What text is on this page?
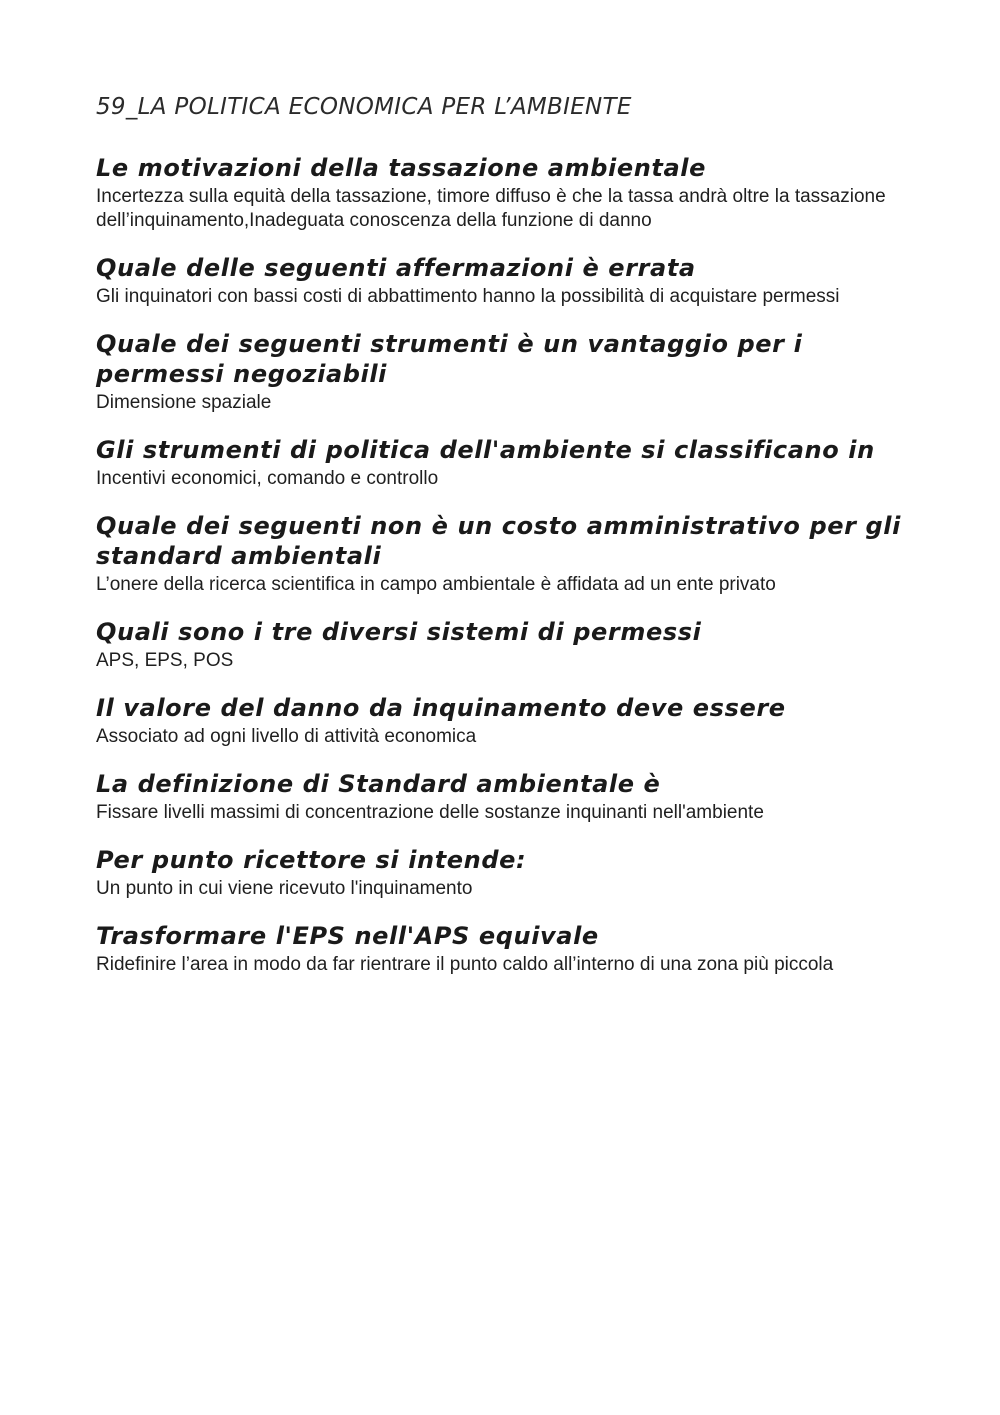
59_LA POLITICA ECONOMICA PER L’AMBIENTE
Le motivazioni della tassazione ambientale
Incertezza sulla equità della tassazione, timore diffuso è che la tassa andrà oltre la tassazione dell’inquinamento,Inadeguata conoscenza della funzione di danno
Quale delle seguenti affermazioni è errata
Gli inquinatori con bassi costi di abbattimento hanno la possibilità di acquistare permessi
Quale dei seguenti strumenti è un vantaggio per i permessi negoziabili
Dimensione spaziale
Gli strumenti di politica dell'ambiente si classificano in
Incentivi economici, comando e controllo
Quale dei seguenti non è un costo amministrativo per gli standard ambientali
L’onere della ricerca scientifica in campo ambientale è affidata ad un ente privato
Quali sono i tre diversi sistemi di permessi
APS, EPS, POS
Il valore del danno da inquinamento deve essere
Associato ad ogni livello di attività economica
La definizione di Standard ambientale è
Fissare livelli massimi di concentrazione delle sostanze inquinanti nell'ambiente
Per punto ricettore si intende:
Un punto in cui viene ricevuto l'inquinamento
Trasformare l'EPS nell'APS equivale
Ridefinire l’area in modo da far rientrare il punto caldo all’interno di una zona più piccola
